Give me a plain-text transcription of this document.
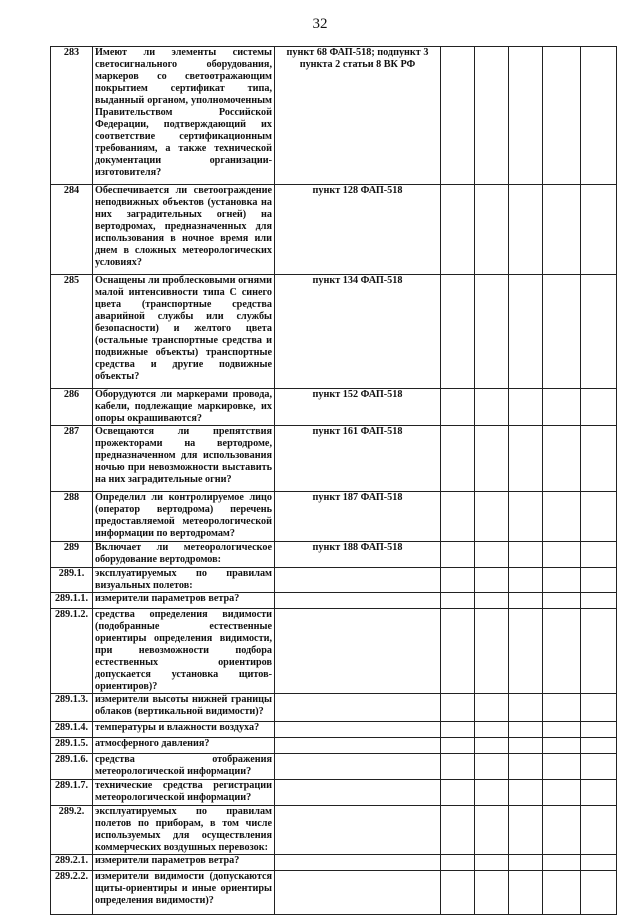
32
283	Имеют ли элементы системы светосигнального оборудования, маркеров со светоотражающим покрытием сертификат типа, выданный органом, уполномоченным Правительством Российской Федерации, подтверждающий их соответствие сертификационным требованиям, а также технической документации организации-изготовителя?	пункт 68 ФАП-518; подпункт 3 пункта 2 статьи 8 ВК РФ					
284	Обеспечивается ли светоограждение неподвижных объектов (установка на них заградительных огней) на вертодромах, предназначенных для использования в ночное время или днем в сложных метеорологических условиях?	пункт 128 ФАП-518					
285	Оснащены ли проблесковыми огнями малой интенсивности типа С синего цвета (транспортные средства аварийной службы или службы безопасности) и желтого цвета (остальные транспортные средства и подвижные объекты) транспортные средства и другие подвижные объекты?	пункт 134 ФАП-518					
286	Оборудуются ли маркерами провода, кабели, подлежащие маркировке, их опоры окрашиваются?	пункт 152 ФАП-518					
287	Освещаются ли препятствия прожекторами на вертодроме, предназначенном для использования ночью при невозможности выставить на них заградительные огни?	пункт 161 ФАП-518					
288	Определил ли контролируемое лицо (оператор вертодрома) перечень предоставляемой метеорологической информации по вертодромам?	пункт 187 ФАП-518					
289	Включает ли метеорологическое оборудование вертодромов:	пункт 188 ФАП-518					
289.1.	эксплуатируемых по правилам визуальных полетов:						
289.1.1.	измерители параметров ветра?						
289.1.2.	средства определения видимости (подобранные естественные ориентиры определения видимости, при невозможности подбора естественных ориентиров допускается установка щитов-ориентиров)?						
289.1.3.	измерители высоты нижней границы облаков (вертикальной видимости)?						
289.1.4.	температуры и влажности воздуха?						
289.1.5.	атмосферного давления?						
289.1.6.	средства отображения метеорологической информации?						
289.1.7.	технические средства регистрации метеорологической информации?						
289.2.	эксплуатируемых по правилам полетов по приборам, в том числе используемых для осуществления коммерческих воздушных перевозок:						
289.2.1.	измерители параметров ветра?						
289.2.2.	измерители видимости (допускаются щиты-ориентиры и иные ориентиры определения видимости)?						
